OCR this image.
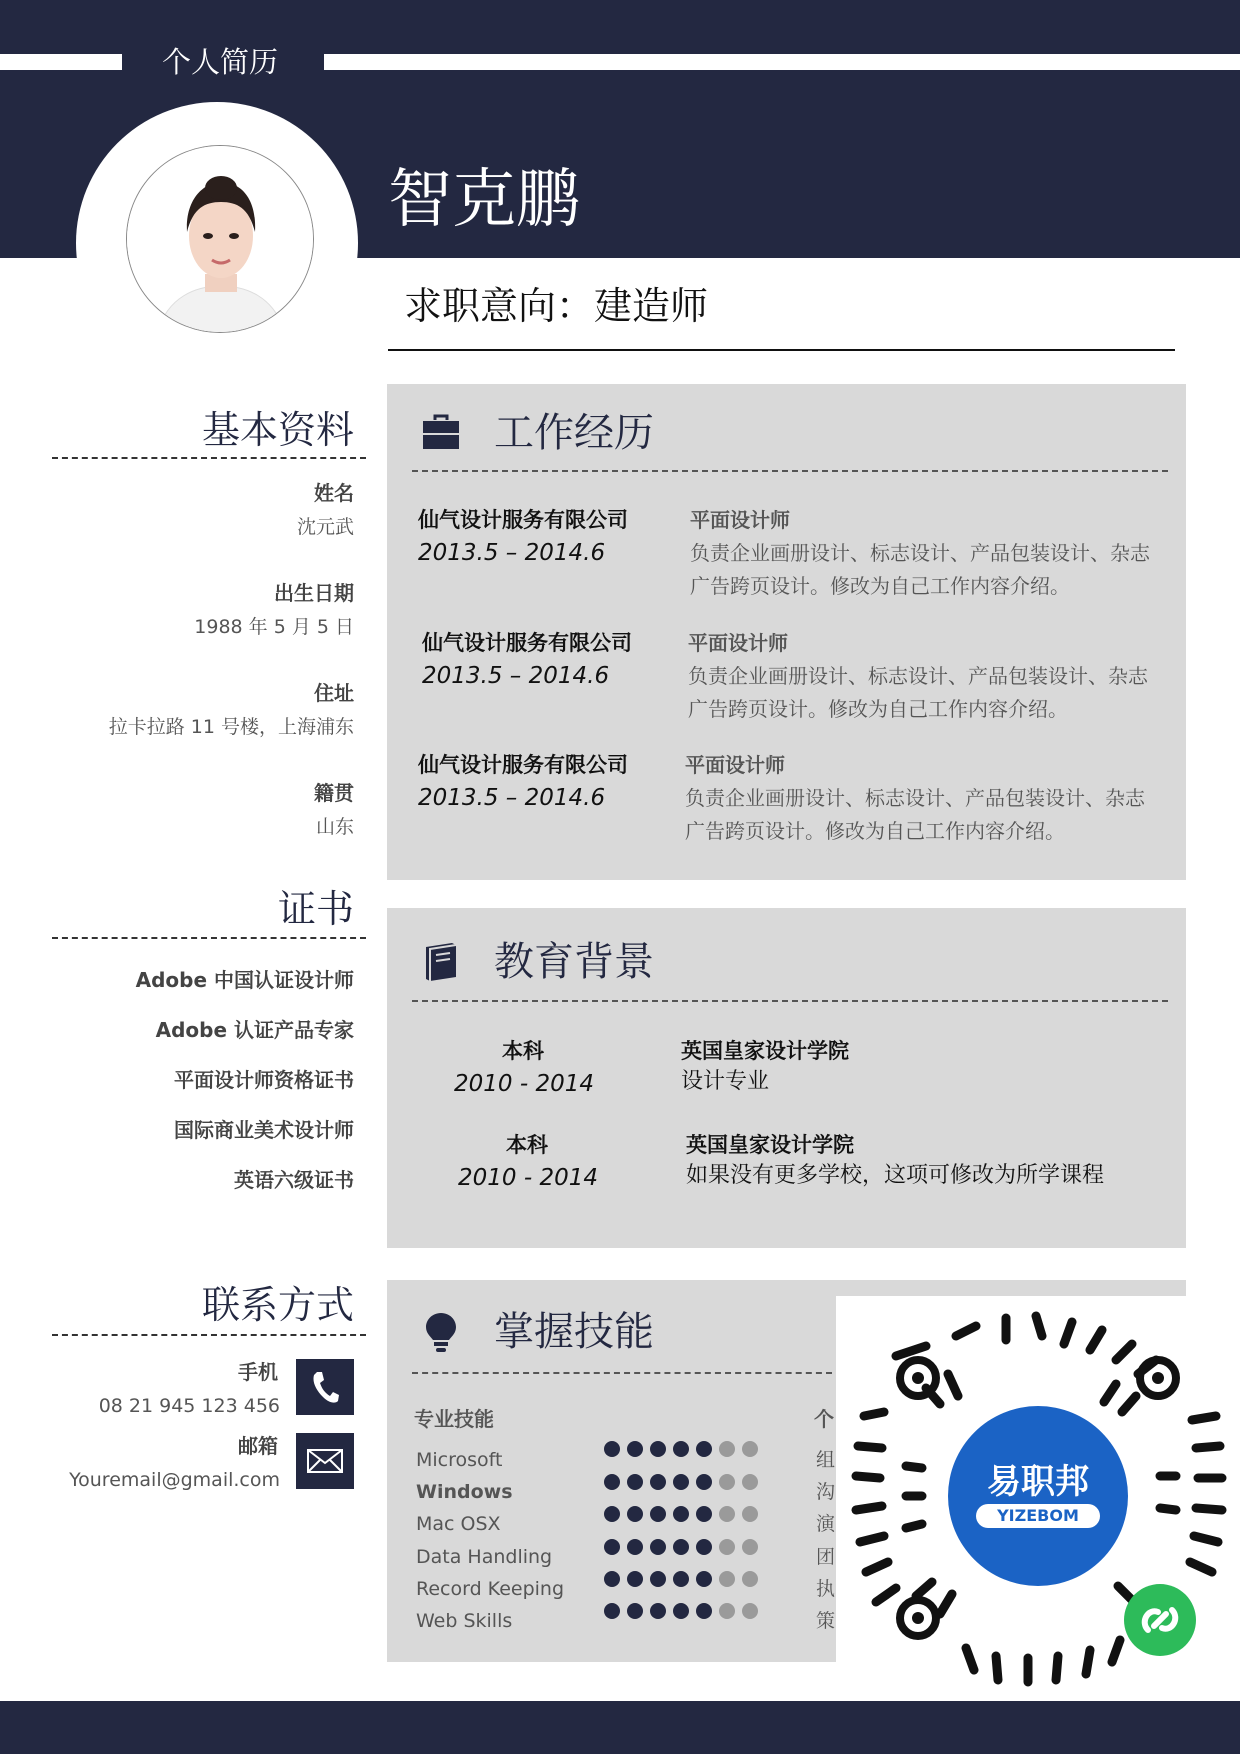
个人简历
智克鹏
求职意向：建造师
基本资料
姓名
沈元武
出生日期
1988 年 5 月 5 日
住址
拉卡拉路 11 号楼，上海浦东
籍贯
山东
证书
Adobe 中国认证设计师
Adobe 认证产品专家
平面设计师资格证书
国际商业美术设计师
英语六级证书
联系方式
手机
08 21 945 123 456
邮箱
Youremail@gmail.com
工作经历
仙气设计服务有限公司
2013.5 – 2014.6
平面设计师
负责企业画册设计、标志设计、产品包装设计、杂志广告跨页设计。修改为自己工作内容介绍。
仙气设计服务有限公司
2013.5 – 2014.6
平面设计师
负责企业画册设计、标志设计、产品包装设计、杂志广告跨页设计。修改为自己工作内容介绍。
仙气设计服务有限公司
2013.5 – 2014.6
平面设计师
负责企业画册设计、标志设计、产品包装设计、杂志广告跨页设计。修改为自己工作内容介绍。
教育背景
本科
2010 - 2014
英国皇家设计学院
设计专业
本科
2010 - 2014
英国皇家设计学院
如果没有更多学校，这项可修改为所学课程
掌握技能
专业技能	个
Microsoft
Windows
Mac OSX
Data Handling
Record Keeping
Web Skills
组
沟
演
团
执
策
易职邦
YIZEBOM
